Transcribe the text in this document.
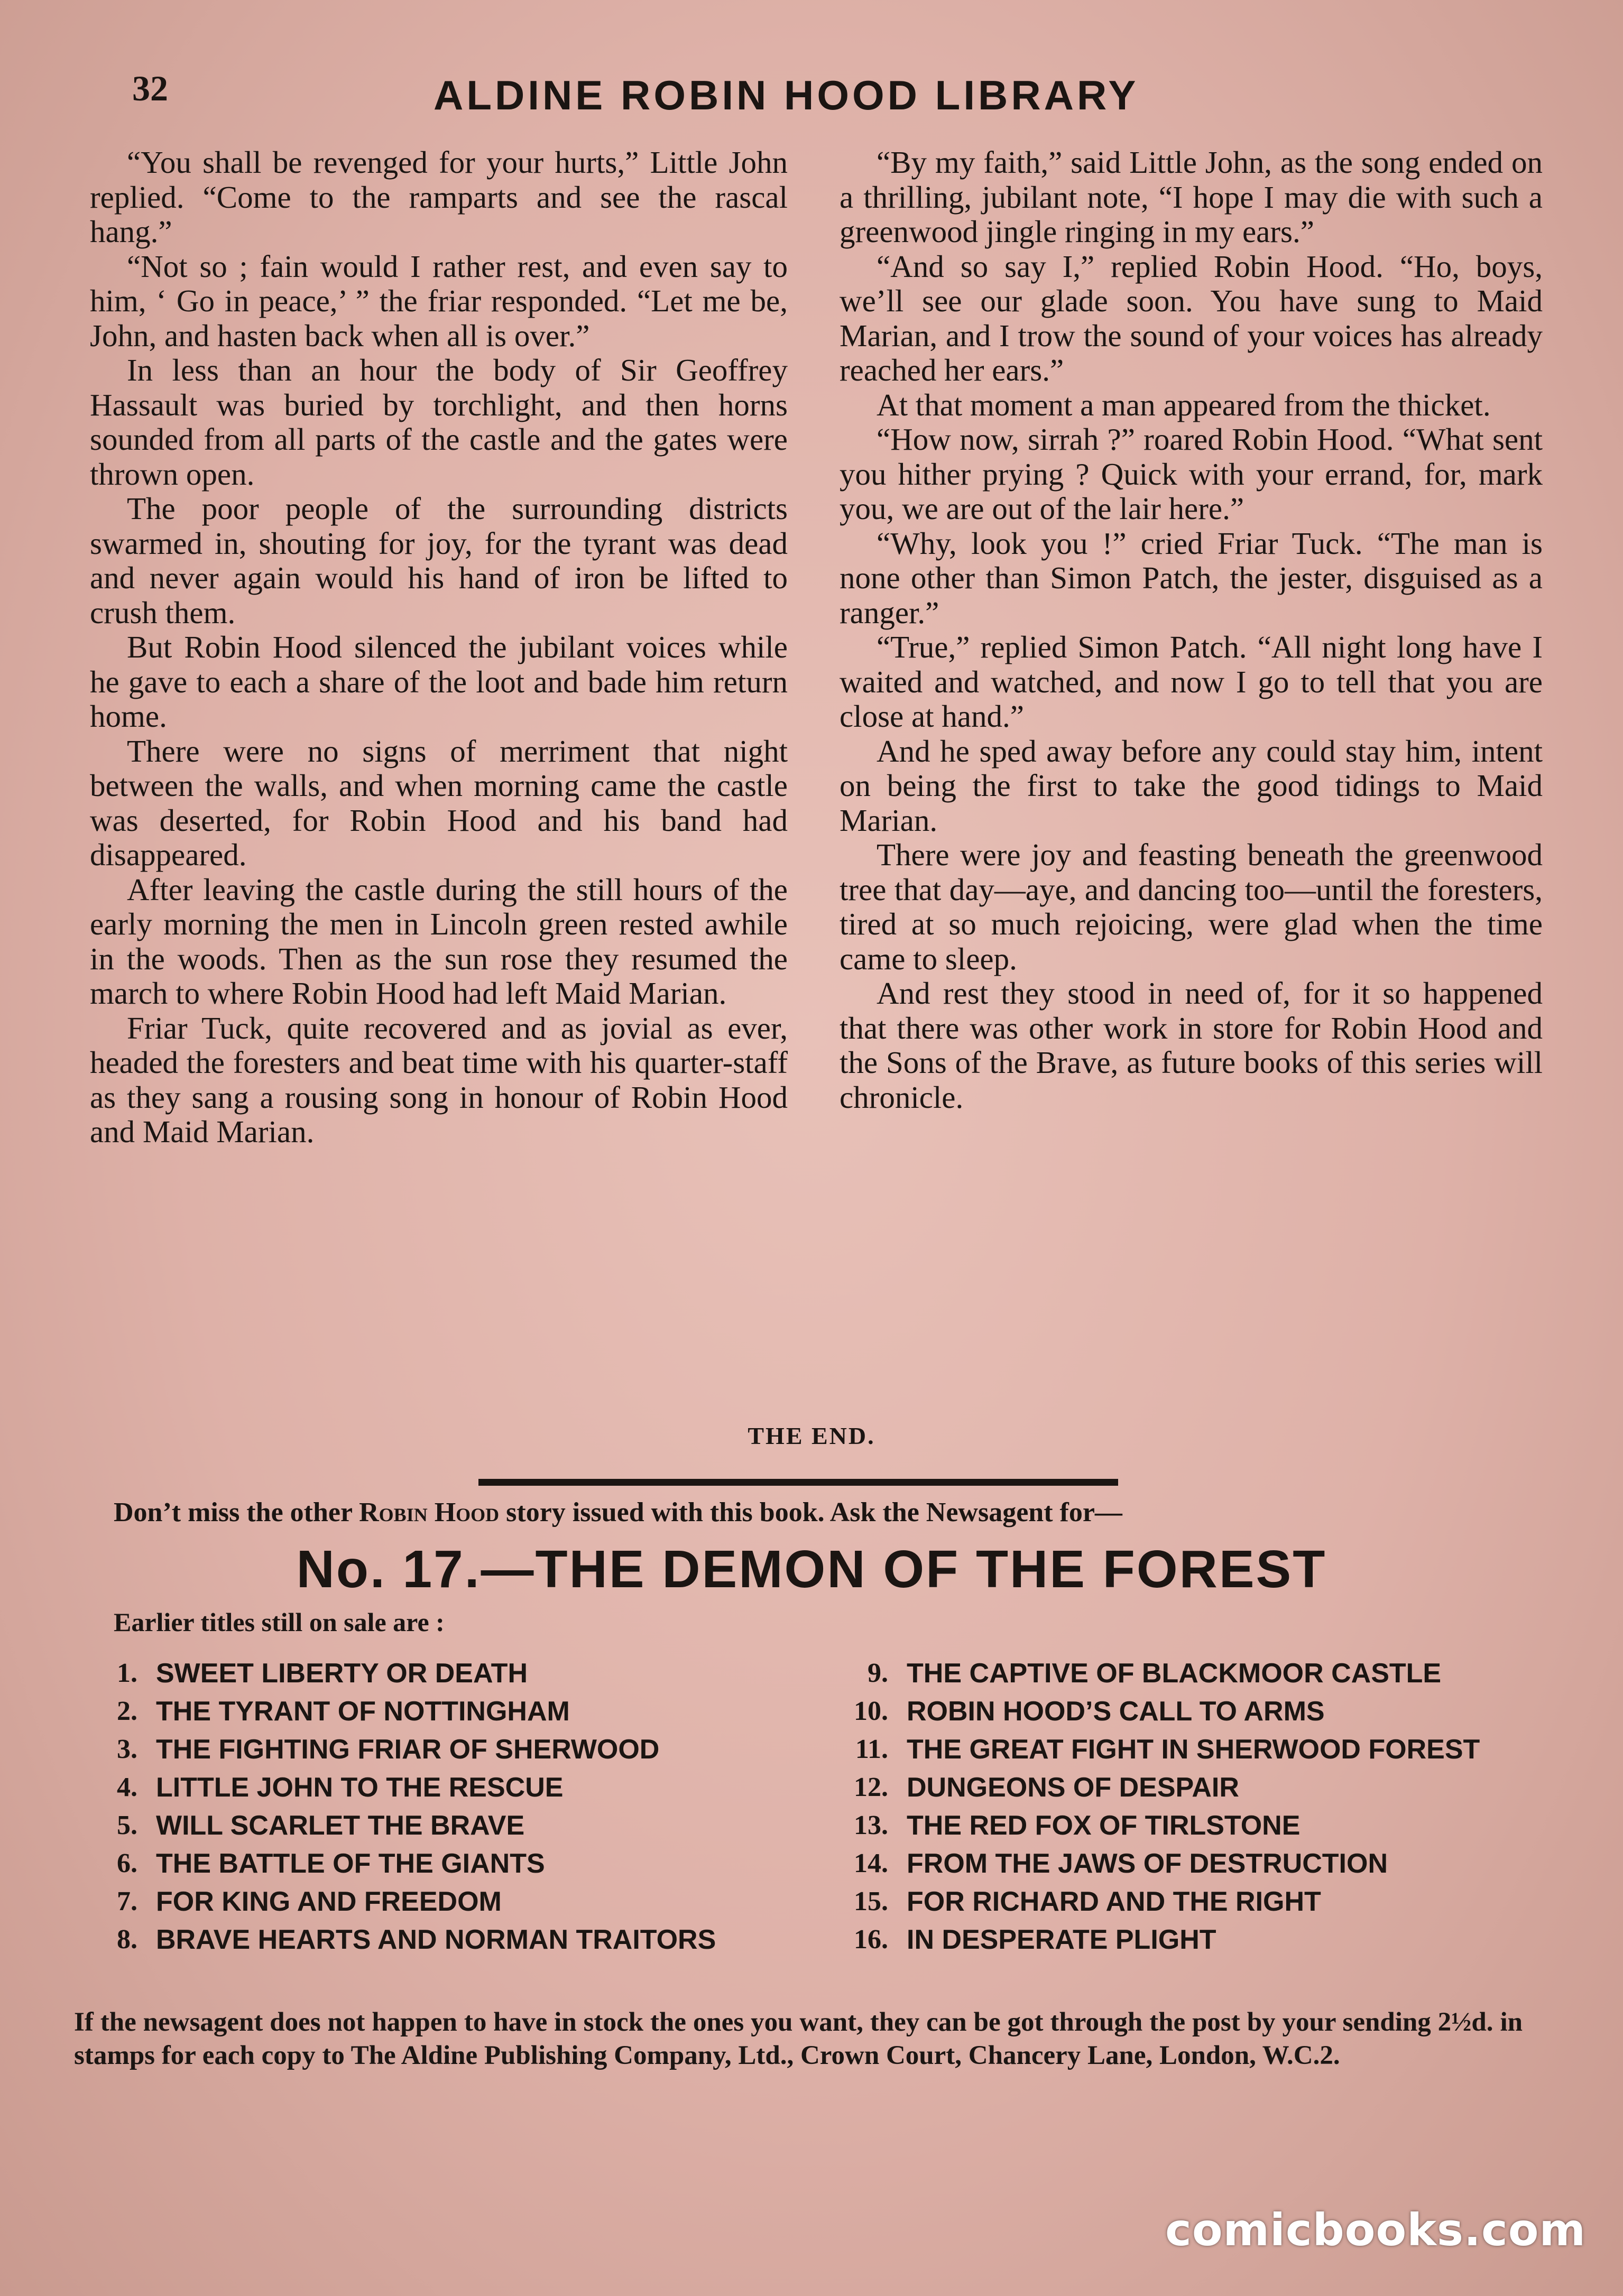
32	ALDINE ROBIN HOOD LIBRARY

“You shall be revenged for your hurts,” Little John replied. “Come to the ramparts and see the rascal hang.”

“Not so ; fain would I rather rest, and even say to him, ‘ Go in peace,’ ” the friar responded. “Let me be, John, and hasten back when all is over.”

In less than an hour the body of Sir Geoffrey Hassault was buried by torchlight, and then horns sounded from all parts of the castle and the gates were thrown open.

The poor people of the surrounding districts swarmed in, shouting for joy, for the tyrant was dead and never again would his hand of iron be lifted to crush them.

But Robin Hood silenced the jubilant voices while he gave to each a share of the loot and bade him return home.

There were no signs of merriment that night between the walls, and when morning came the castle was deserted, for Robin Hood and his band had disappeared.

After leaving the castle during the still hours of the early morning the men in Lincoln green rested awhile in the woods. Then as the sun rose they resumed the march to where Robin Hood had left Maid Marian.

Friar Tuck, quite recovered and as jovial as ever, headed the foresters and beat time with his quarter-staff as they sang a rousing song in honour of Robin Hood and Maid Marian.

“By my faith,” said Little John, as the song ended on a thrilling, jubilant note, “I hope I may die with such a greenwood jingle ringing in my ears.”

“And so say I,” replied Robin Hood. “Ho, boys, we’ll see our glade soon. You have sung to Maid Marian, and I trow the sound of your voices has already reached her ears.”

At that moment a man appeared from the thicket.

“How now, sirrah ?” roared Robin Hood. “What sent you hither prying ? Quick with your errand, for, mark you, we are out of the lair here.”

“Why, look you !” cried Friar Tuck. “The man is none other than Simon Patch, the jester, disguised as a ranger.”

“True,” replied Simon Patch. “All night long have I waited and watched, and now I go to tell that you are close at hand.”

And he sped away before any could stay him, intent on being the first to take the good tidings to Maid Marian.

There were joy and feasting beneath the greenwood tree that day—aye, and dancing too—until the foresters, tired at so much rejoicing, were glad when the time came to sleep.

And rest they stood in need of, for it so happened that there was other work in store for Robin Hood and the Sons of the Brave, as future books of this series will chronicle.

THE END.
Don’t miss the other Robin Hood story issued with this book. Ask the Newsagent for—
No. 17.—THE DEMON OF THE FOREST
Earlier titles still on sale are :
1. SWEET LIBERTY OR DEATH
2. THE TYRANT OF NOTTINGHAM
3. THE FIGHTING FRIAR OF SHERWOOD
4. LITTLE JOHN TO THE RESCUE
5. WILL SCARLET THE BRAVE
6. THE BATTLE OF THE GIANTS
7. FOR KING AND FREEDOM
8. BRAVE HEARTS AND NORMAN TRAITORS
9. THE CAPTIVE OF BLACKMOOR CASTLE
10. ROBIN HOOD’S CALL TO ARMS
11. THE GREAT FIGHT IN SHERWOOD FOREST
12. DUNGEONS OF DESPAIR
13. THE RED FOX OF TIRLSTONE
14. FROM THE JAWS OF DESTRUCTION
15. FOR RICHARD AND THE RIGHT
16. IN DESPERATE PLIGHT
If the newsagent does not happen to have in stock the ones you want, they can be got through the post by your sending 2½d. in stamps for each copy to The Aldine Publishing Company, Ltd., Crown Court, Chancery Lane, London, W.C.2.
comicbooks.com
